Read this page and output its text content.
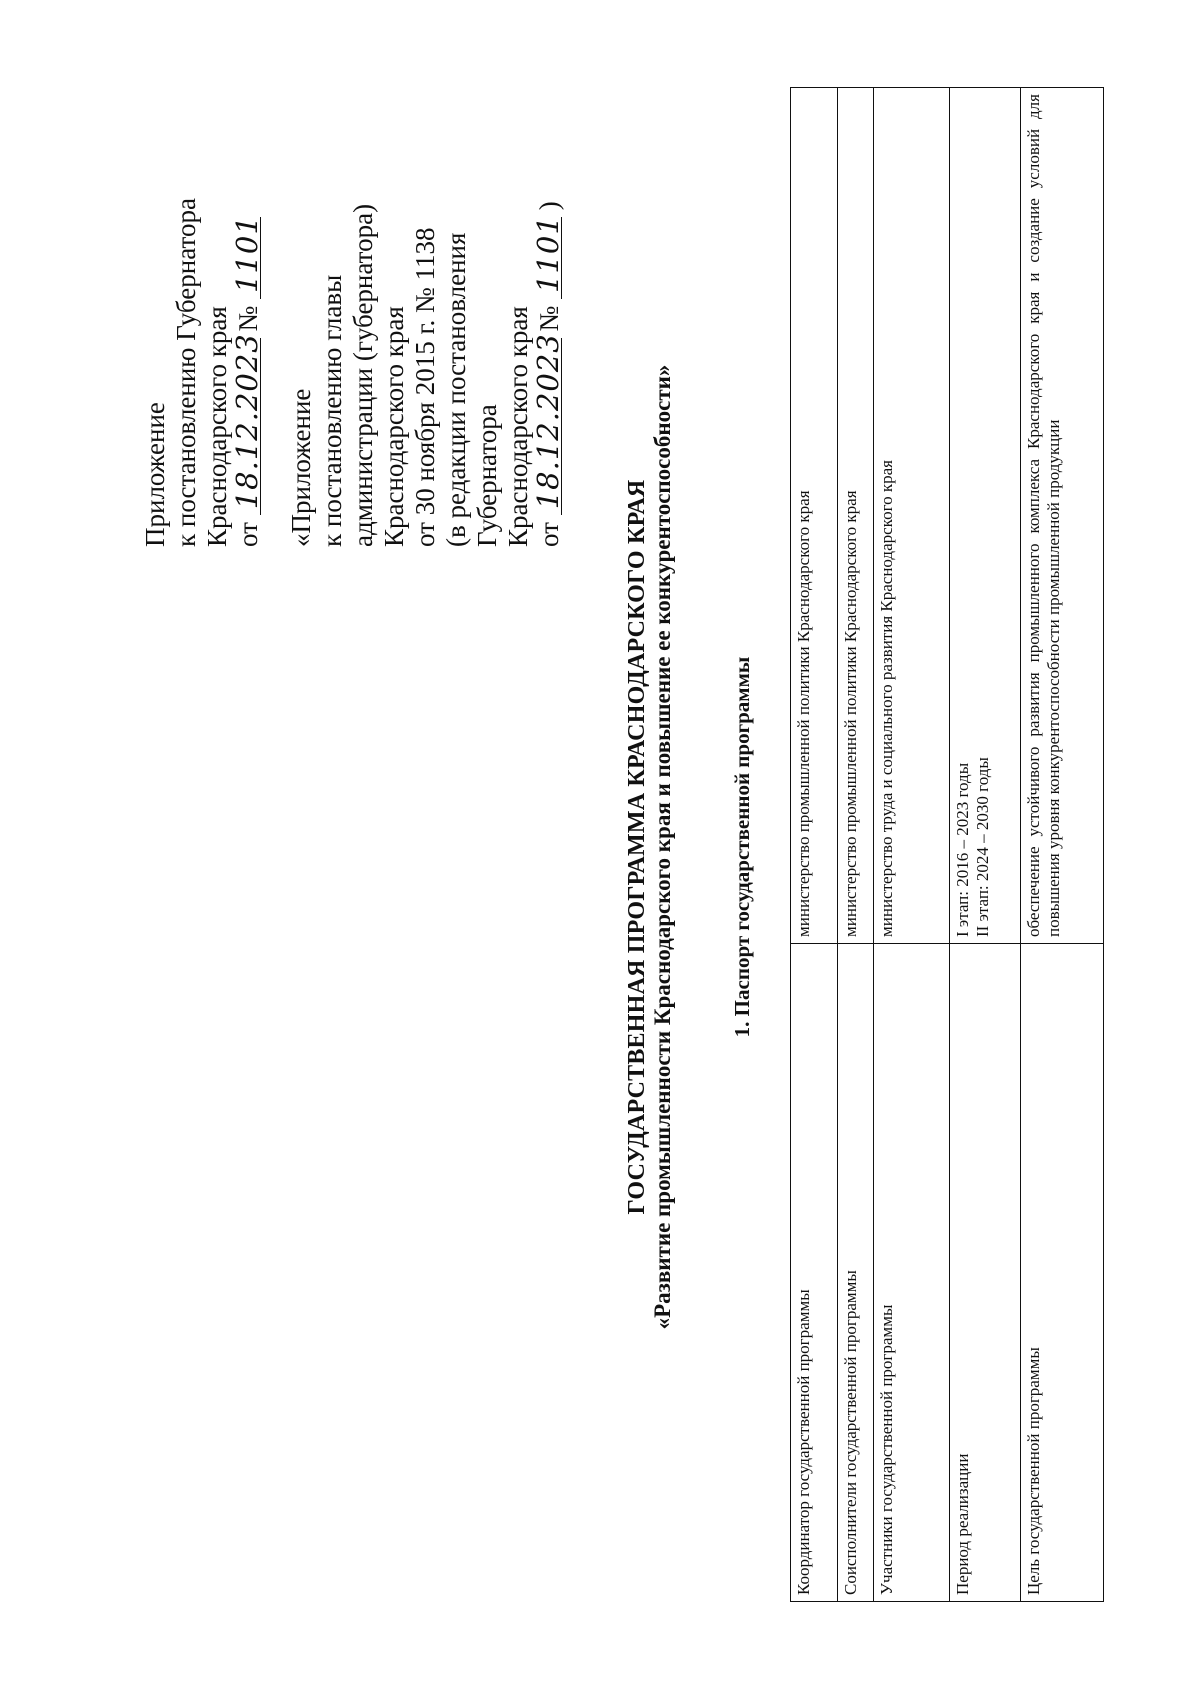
Приложение к постановлению Губернатора Краснодарского края от 18.12.2023 № 1101
«Приложение к постановлению главы администрации (губернатора) Краснодарского края от 30 ноября 2015 г. № 1138 (в редакции постановления Губернатора Краснодарского края от 18.12.2023 № 1101 )
ГОСУДАРСТВЕННАЯ ПРОГРАММА КРАСНОДАРСКОГО КРАЯ «Развитие промышленности Краснодарского края и повышение ее конкурентоспособности»	1. Паспорт государственной программы
Координатор государственной программы	министерство промышленной политики Краснодарского края
Соисполнители государственной программы	министерство промышленной политики Краснодарского края
Участники государственной программы	министерство труда и социального развития Краснодарского края
Период реализации	I этап: 2016 – 2023 годы II этап: 2024 – 2030 годы

Цель государственной программы	обеспечение устойчивого развития промышленного комплекса Краснодарского края и создание условий для повышения уровня конкурентоспособности промышленной продукции
